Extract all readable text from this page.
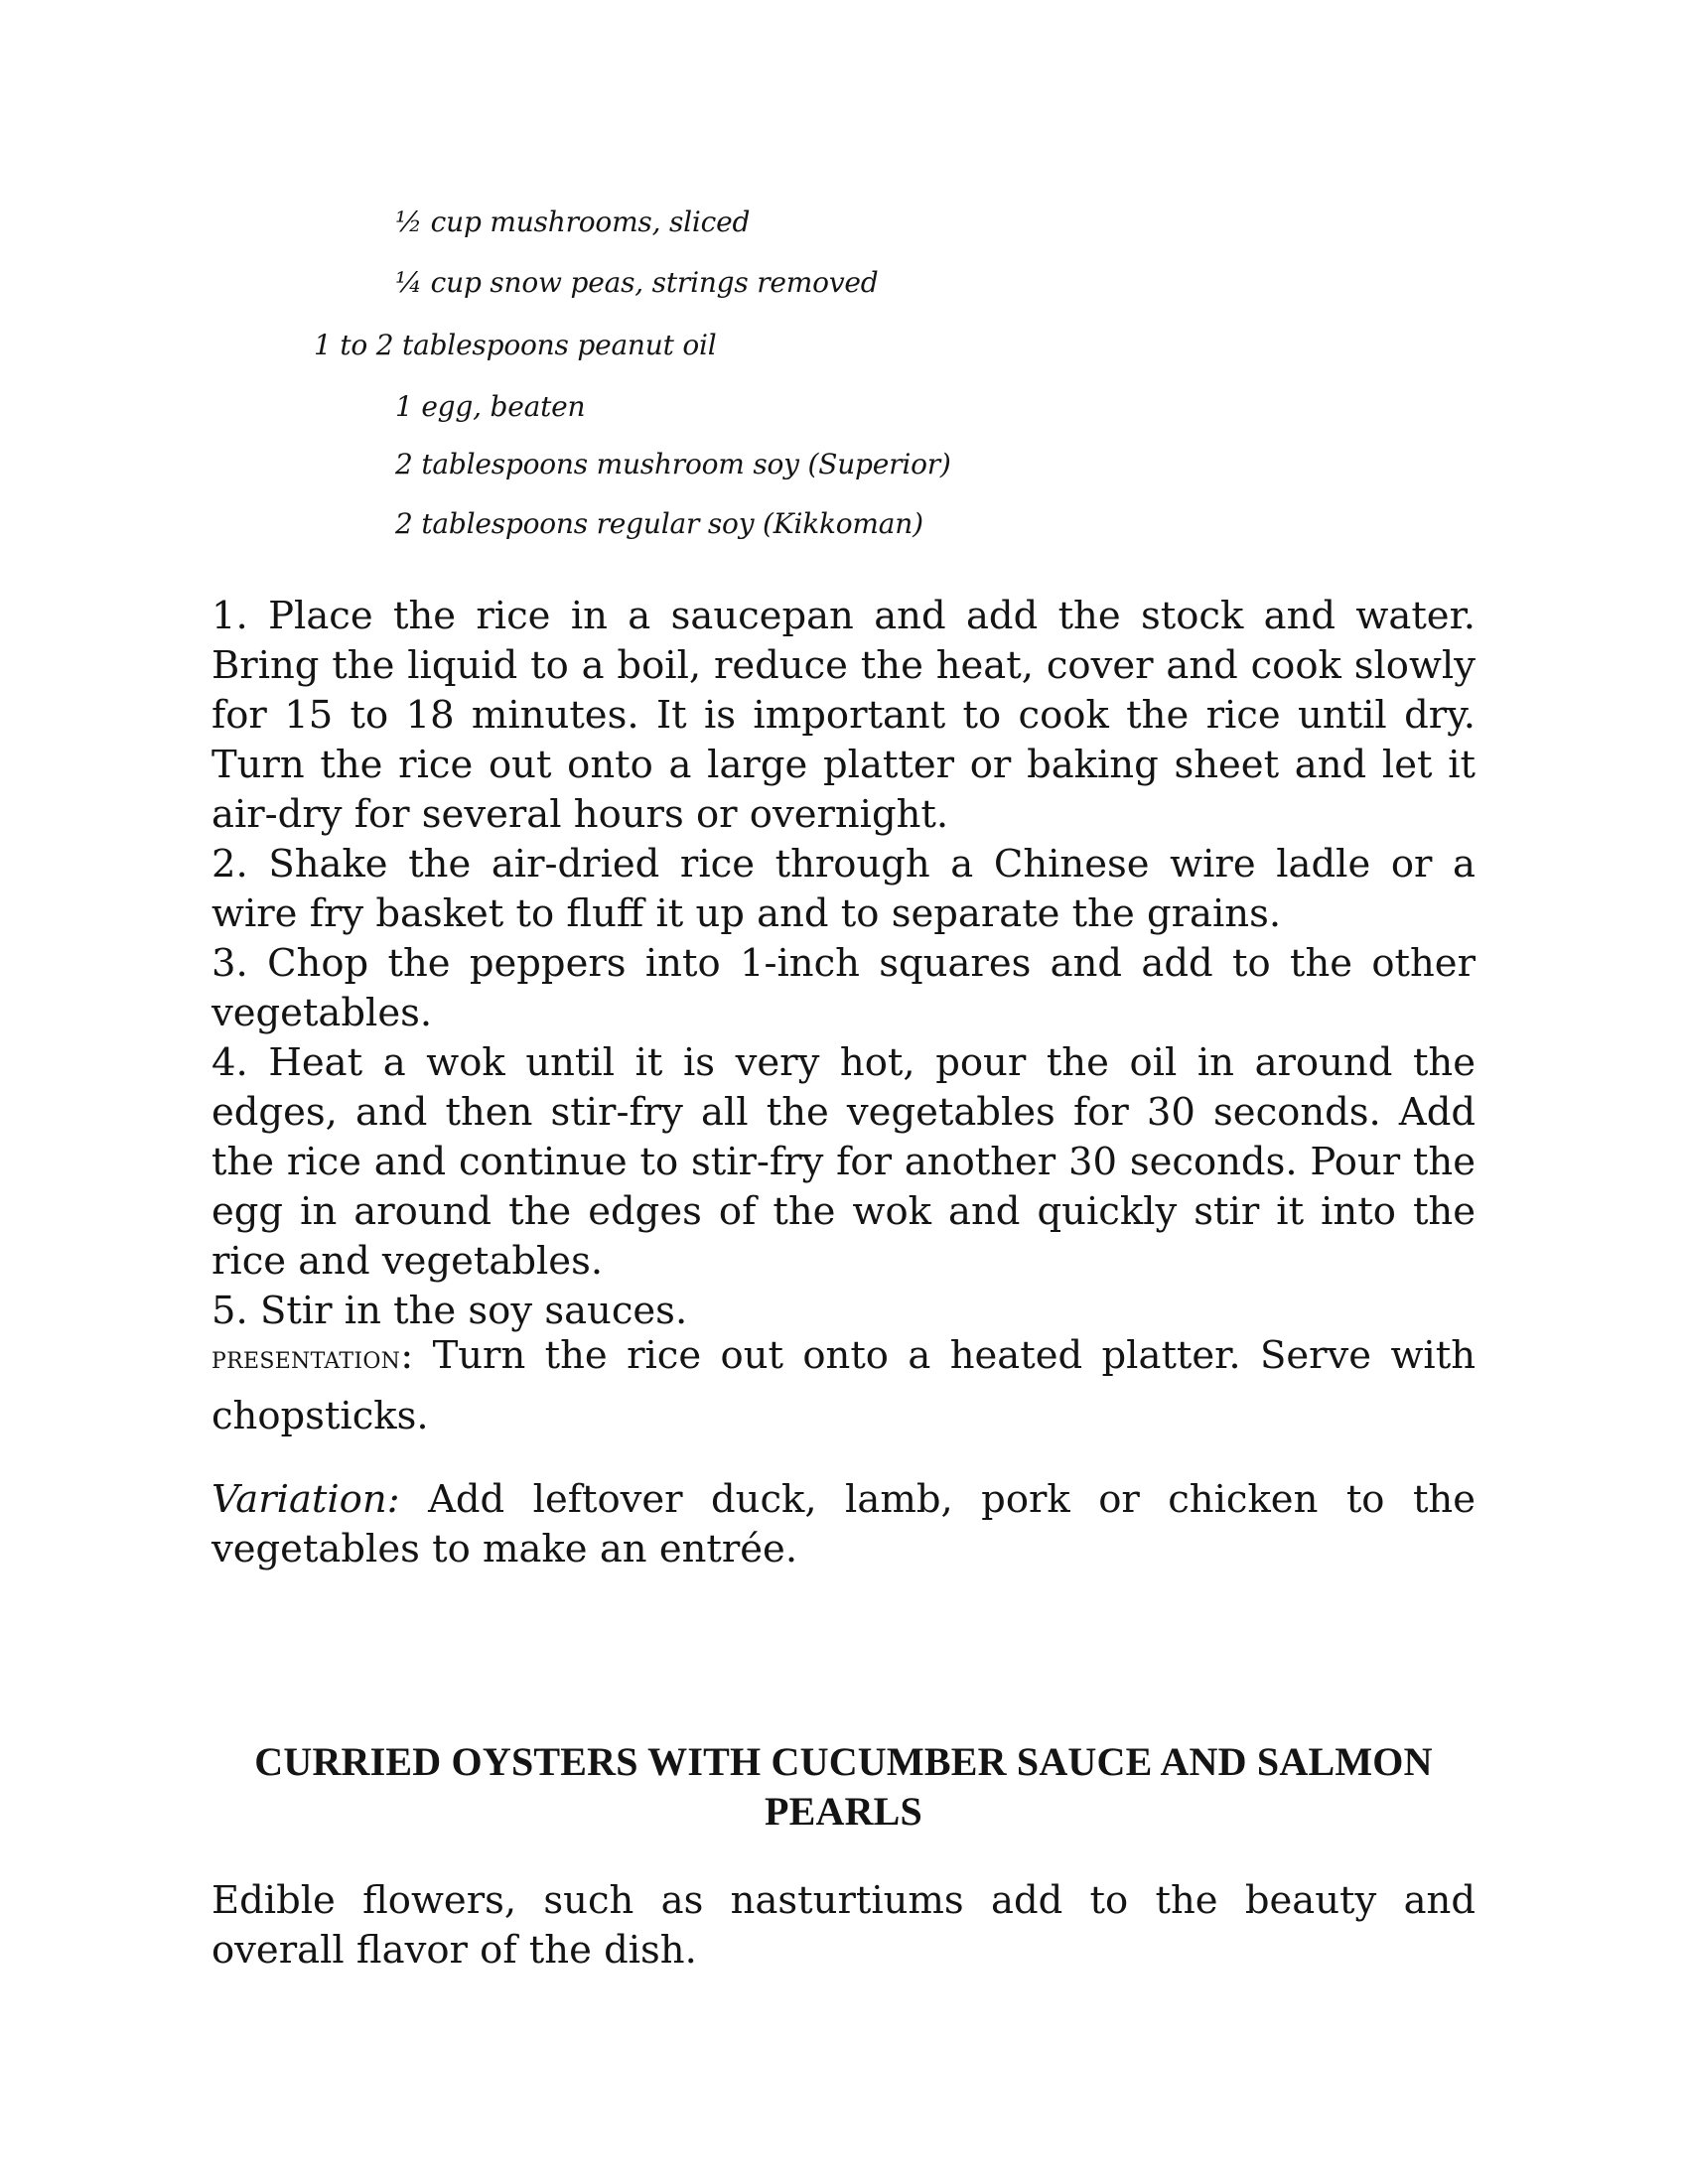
½ cup mushrooms, sliced
¼ cup snow peas, strings removed
1 to 2 tablespoons peanut oil
1 egg, beaten
2 tablespoons mushroom soy (Superior)
2 tablespoons regular soy (Kikkoman)

1. Place the rice in a saucepan and add the stock and water. Bring the liquid to a boil, reduce the heat, cover and cook slowly for 15 to 18 minutes. It is important to cook the rice until dry. Turn the rice out onto a large platter or baking sheet and let it air-dry for several hours or overnight.

2. Shake the air-dried rice through a Chinese wire ladle or a wire fry basket to fluff it up and to separate the grains.

3. Chop the peppers into 1-inch squares and add to the other vegetables.

4. Heat a wok until it is very hot, pour the oil in around the edges, and then stir-fry all the vegetables for 30 seconds. Add the rice and continue to stir-fry for another 30 seconds. Pour the egg in around the edges of the wok and quickly stir it into the rice and vegetables.

5. Stir in the soy sauces.

PRESENTATION: Turn the rice out onto a heated platter. Serve with chopsticks.
Variation: Add leftover duck, lamb, pork or chicken to the vegetables to make an entrée.
CURRIED OYSTERS WITH CUCUMBER SAUCE AND SALMON PEARLS
Edible flowers, such as nasturtiums add to the beauty and overall flavor of the dish.
